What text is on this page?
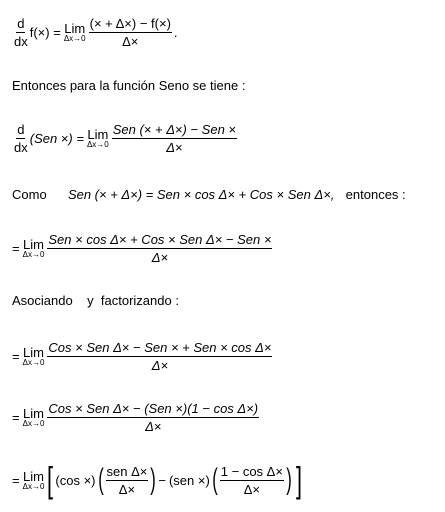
$\frac{d}{dx} f(\times)$ = Lim
$\Delta x\to 0 \frac{(\times + \Delta\times) - f(\times)}{\Delta\times}$ .
Entonces para la función Seno se tiene :
$\frac{d}{dx} (Sen$ ×) = Lim
$\Delta x\to 0 \frac{\text{Sen (× + Δ×) − Sen ×}}{\Delta\times}$
Como Sen (× + Δ×) = Sen × cos Δ× + Cos × Sen Δ×, entonces :
= Lim
$\Delta x\to 0 \frac{\text{Sen × cos Δ× + Cos × Sen Δ× − Sen ×}}{\Delta\times}$
Asociando    y  factorizando :
= Lim
$\Delta x\to 0 \frac{\text{Cos × Sen Δ× − Sen × + Sen × cos Δ×}}{\Delta\times}$
= Lim
$\Delta x\to 0 \frac{\text{Cos × Sen Δ× − (Sen ×)(1 − cos Δ×)}}{\Delta\times}$
= Lim
Δx→0 [ (cos ×) ( $\frac{\text{sen Δ×}}{\Delta\times}$ ) − (sen ×) ( $\frac{\text{1 − cos Δ×}}{\Delta\times}$ ) ]
